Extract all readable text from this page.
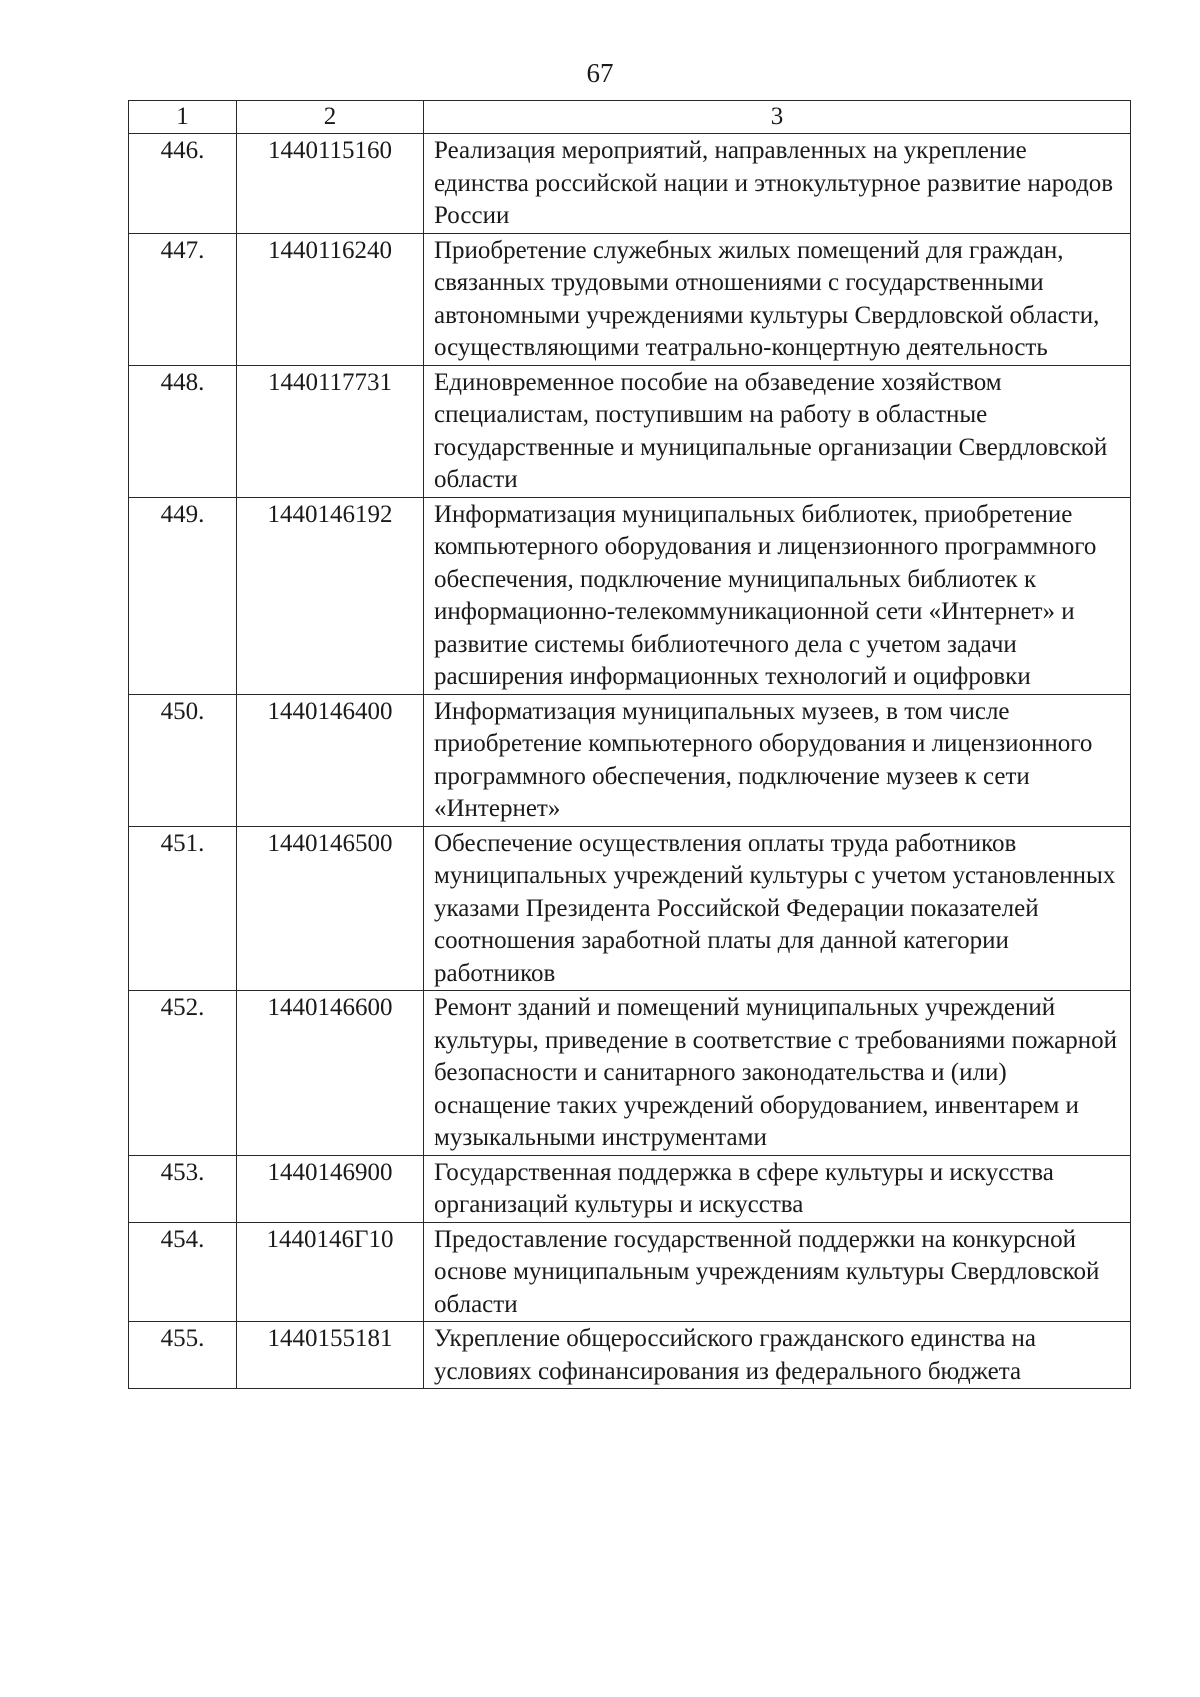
67
1	2	3
446.	1440115160	Реализация мероприятий, направленных на укрепление единства российской нации и этнокультурное развитие народов России
447.	1440116240	Приобретение служебных жилых помещений для граждан, связанных трудовыми отношениями с государственными автономными учреждениями культуры Свердловской области, осуществляющими театрально-концертную деятельность
448.	1440117731	Единовременное пособие на обзаведение хозяйством специалистам, поступившим на работу в областные государственные и муниципальные организации Свердловской области
449.	1440146192	Информатизация муниципальных библиотек, приобретение компьютерного оборудования и лицензионного программного обеспечения, подключение муниципальных библиотек к информационно-телекоммуникационной сети «Интернет» и развитие системы библиотечного дела с учетом задачи расширения информационных технологий и оцифровки
450.	1440146400	Информатизация муниципальных музеев, в том числе приобретение компьютерного оборудования и лицензионного программного обеспечения, подключение музеев к сети «Интернет»
451.	1440146500	Обеспечение осуществления оплаты труда работников муниципальных учреждений культуры с учетом установленных указами Президента Российской Федерации показателей соотношения заработной платы для данной категории работников
452.	1440146600	Ремонт зданий и помещений муниципальных учреждений культуры, приведение в соответствие с требованиями пожарной безопасности и санитарного законодательства и (или) оснащение таких учреждений оборудованием, инвентарем и музыкальными инструментами
453.	1440146900	Государственная поддержка в сфере культуры и искусства организаций культуры и искусства
454.	1440146Г10	Предоставление государственной поддержки на конкурсной основе муниципальным учреждениям культуры Свердловской области
455.	1440155181	Укрепление общероссийского гражданского единства на условиях софинансирования из федерального бюджета
